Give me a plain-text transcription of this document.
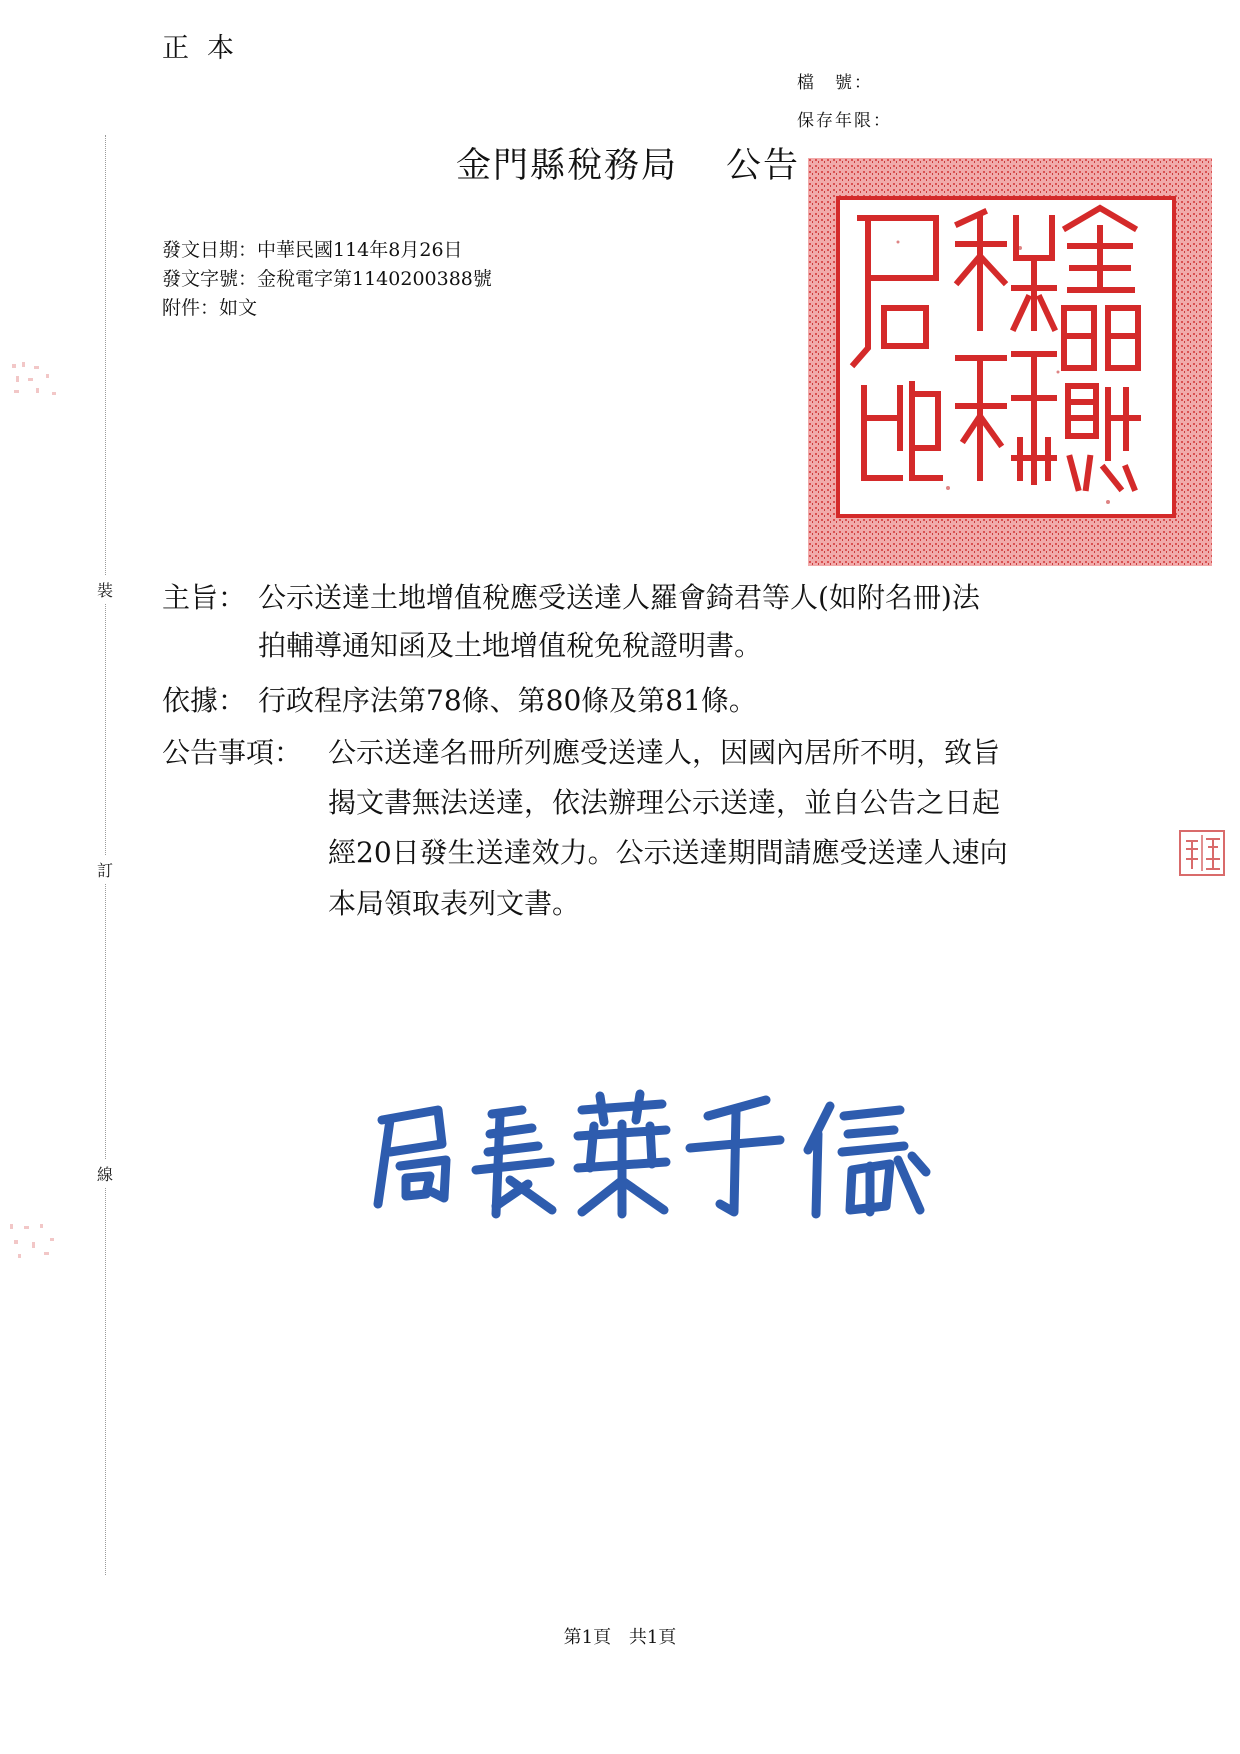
正本
檔　號：
保存年限：
裝
訂
線
金門縣稅務局 公告
發文日期：中華民國114年8月26日
發文字號：金稅電字第1140200388號
附件：如文
主旨： 公示送達土地增值稅應受送達人羅會錡君等人(如附名冊)法
拍輔導通知函及土地增值稅免稅證明書。
依據： 行政程序法第78條、第80條及第81條。
公告事項： 公示送達名冊所列應受送達人，因國內居所不明，致旨
揭文書無法送達，依法辦理公示送達，並自公告之日起
經20日發生送達效力。公示送達期間請應受送達人速向
本局領取表列文書。
第1頁 共1頁
